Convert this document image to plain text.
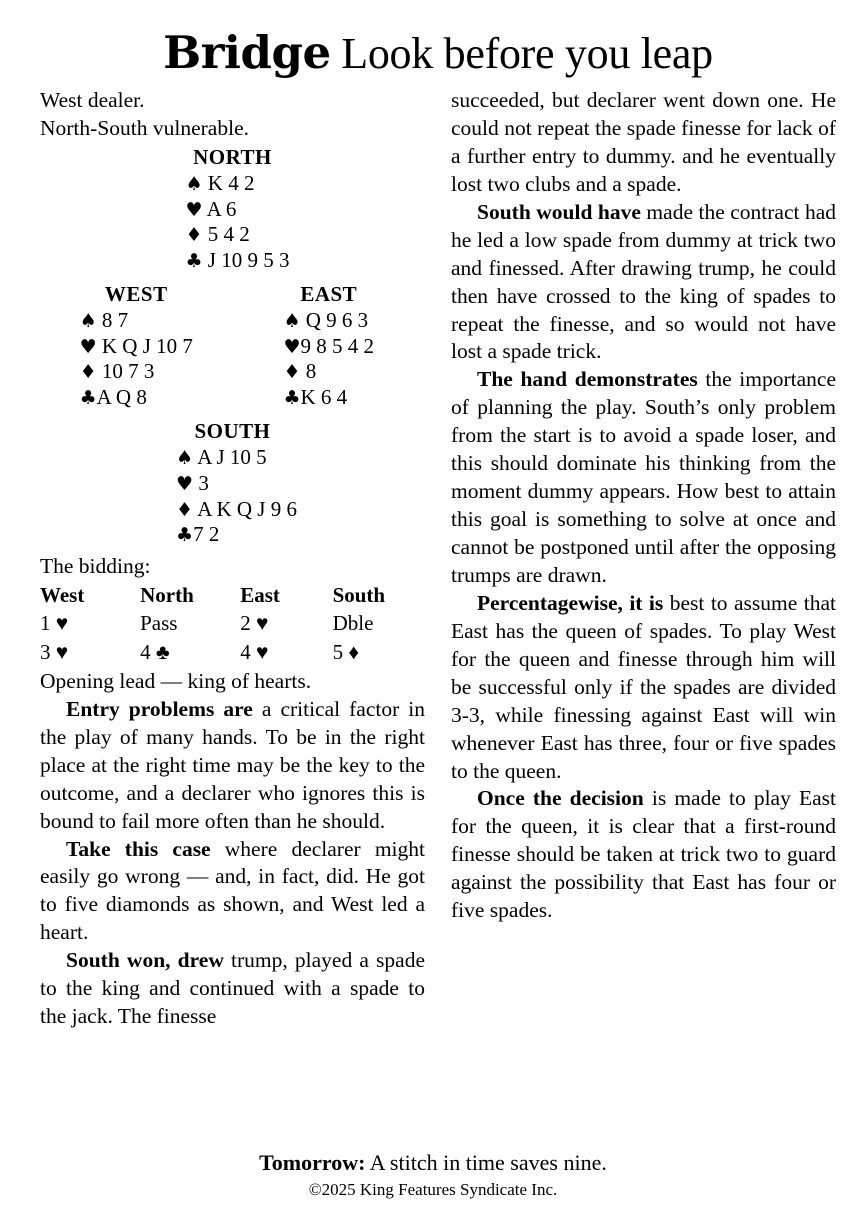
Bridge Look before you leap
West dealer.
North-South vulnerable.
NORTH
♠ K 4 2
♥ A 6
♦ 5 4 2
♣ J 10 9 5 3
WEST
♠ 8 7
♥ K Q J 10 7
♦ 10 7 3
♣A Q 8
EAST
♠ Q 9 6 3
♥9 8 5 4 2
♦ 8
♣K 6 4
SOUTH
♠ A J 10 5
♥ 3
♦ A K Q J 9 6
♣7 2
The bidding:
West	North	East	South
1 ♥	Pass	2 ♥	Dble
3 ♥	4 ♣	4 ♥	5 ♦
Opening lead — king of hearts.

Entry problems are a critical factor in the play of many hands. To be in the right place at the right time may be the key to the outcome, and a declarer who ignores this is bound to fail more often than he should.

Take this case where declarer might easily go wrong — and, in fact, did. He got to five diamonds as shown, and West led a heart.

South won, drew trump, played a spade to the king and continued with a spade to the jack. The finesse

succeeded, but declarer went down one. He could not repeat the spade finesse for lack of a further entry to dummy. and he eventually lost two clubs and a spade.

South would have made the contract had he led a low spade from dummy at trick two and finessed. After drawing trump, he could then have crossed to the king of spades to repeat the finesse, and so would not have lost a spade trick.

The hand demonstrates the importance of planning the play. South’s only problem from the start is to avoid a spade loser, and this should dominate his thinking from the moment dummy appears. How best to attain this goal is something to solve at once and cannot be postponed until after the opposing trumps are drawn.

Percentagewise, it is best to assume that East has the queen of spades. To play West for the queen and finesse through him will be successful only if the spades are divided 3-3, while finessing against East will win whenever East has three, four or five spades to the queen.

Once the decision is made to play East for the queen, it is clear that a first-round finesse should be taken at trick two to guard against the possibility that East has four or five spades.

Tomorrow: A stitch in time saves nine.
©2025 King Features Syndicate Inc.
